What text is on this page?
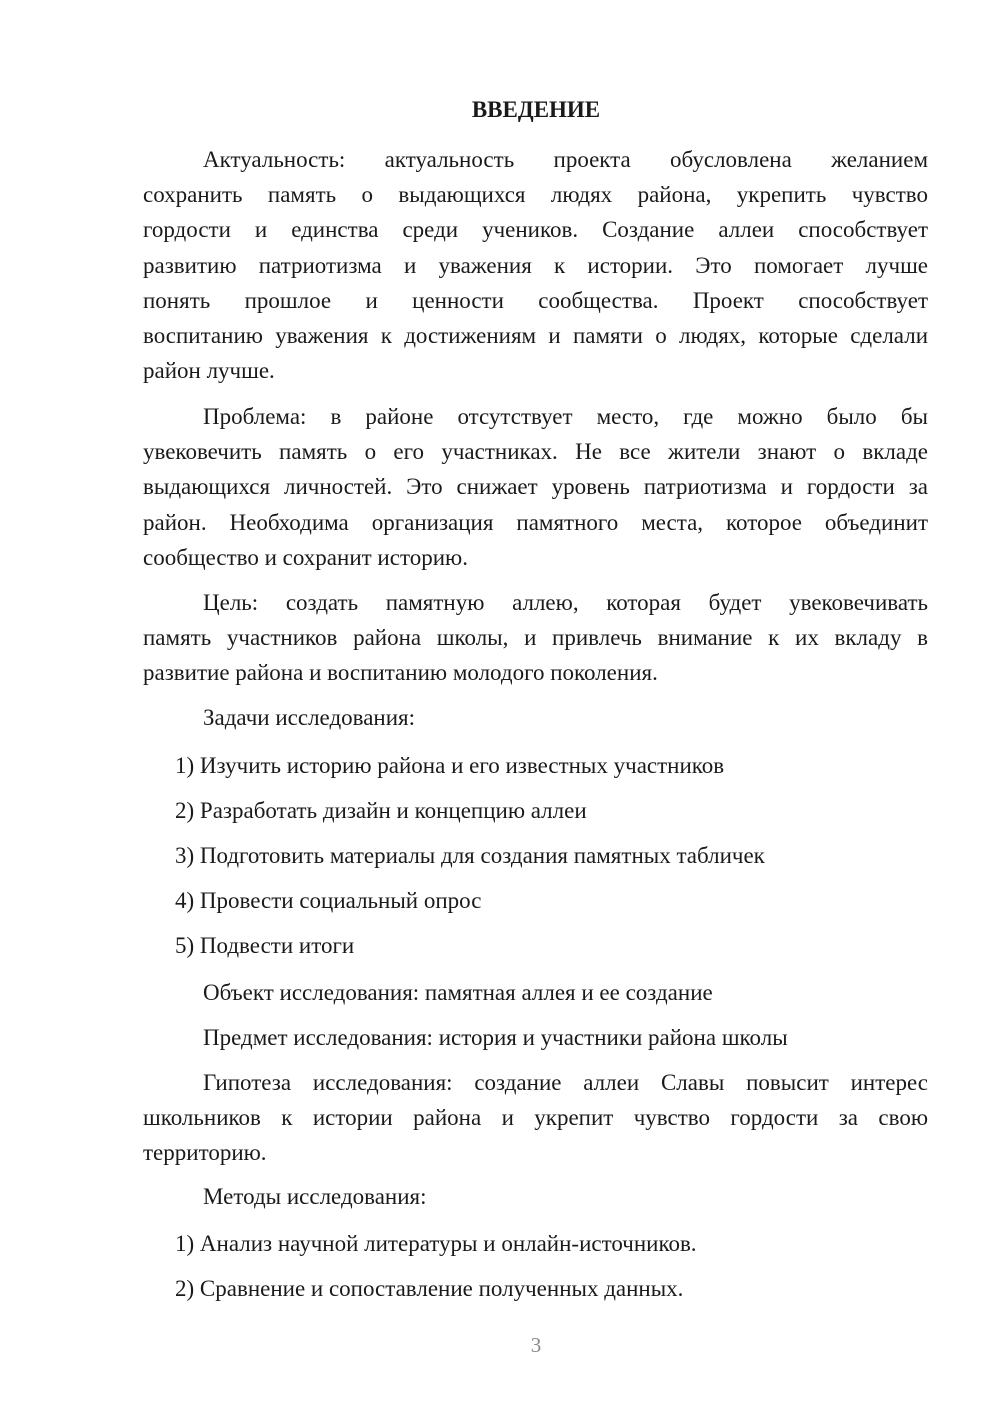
ВВЕДЕНИЕ
Актуальность: актуальность проекта обусловлена желанием
сохранить память о выдающихся людях района, укрепить чувство
гордости и единства среди учеников. Создание аллеи способствует
развитию патриотизма и уважения к истории. Это помогает лучше
понять прошлое и ценности сообщества. Проект способствует
воспитанию уважения к достижениям и памяти о людях, которые сделали
район лучше.
Проблема: в районе отсутствует место, где можно было бы
увековечить память о его участниках. Не все жители знают о вкладе
выдающихся личностей. Это снижает уровень патриотизма и гордости за
район. Необходима организация памятного места, которое объединит
сообщество и сохранит историю.
Цель: создать памятную аллею, которая будет увековечивать
память участников района школы, и привлечь внимание к их вкладу в
развитие района и воспитанию молодого поколения.
Задачи исследования:
1) Изучить историю района и его известных участников
2) Разработать дизайн и концепцию аллеи
3) Подготовить материалы для создания памятных табличек
4) Провести социальный опрос
5) Подвести итоги
Объект исследования: памятная аллея и ее создание
Предмет исследования: история и участники района школы
Гипотеза исследования: создание аллеи Славы повысит интерес
школьников к истории района и укрепит чувство гордости за свою
территорию.
Методы исследования:
1) Анализ научной литературы и онлайн-источников.
2) Сравнение и сопоставление полученных данных.
3
